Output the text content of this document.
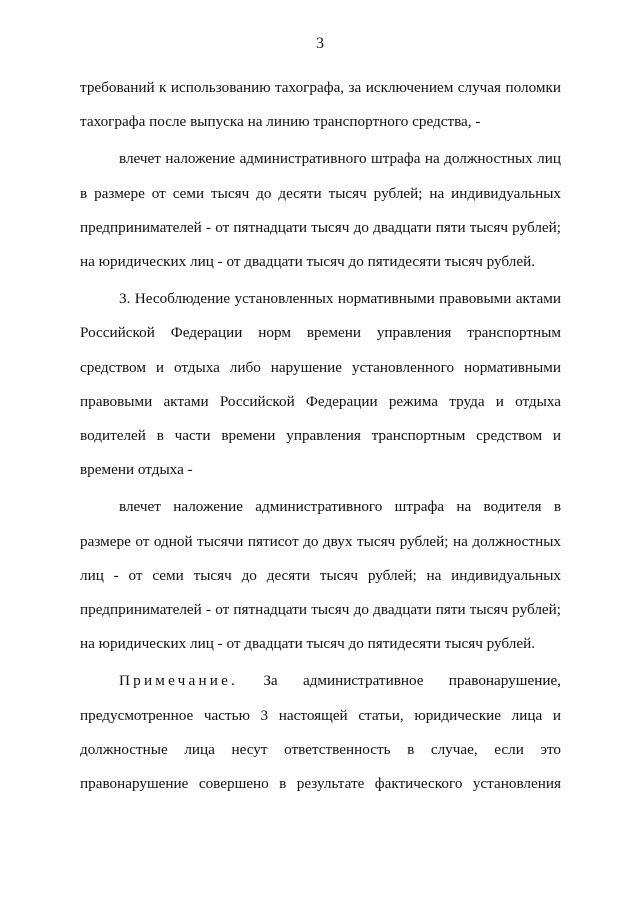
3

требований к использованию тахографа, за исключением случая поломки тахографа после выпуска на линию транспортного средства, -

влечет наложение административного штрафа на должностных лиц в размере от семи тысяч до десяти тысяч рублей; на индивидуальных предпринимателей - от пятнадцати тысяч до двадцати пяти тысяч рублей; на юридических лиц - от двадцати тысяч до пятидесяти тысяч рублей.

3. Несоблюдение установленных нормативными правовыми актами Российской Федерации норм времени управления транспортным средством и отдыха либо нарушение установленного нормативными правовыми актами Российской Федерации режима труда и отдыха водителей в части времени управления транспортным средством и времени отдыха -

влечет наложение административного штрафа на водителя в размере от одной тысячи пятисот до двух тысяч рублей; на должностных лиц - от семи тысяч до десяти тысяч рублей; на индивидуальных предпринимателей - от пятнадцати тысяч до двадцати пяти тысяч рублей; на юридических лиц - от двадцати тысяч до пятидесяти тысяч рублей.

Примечание. За административное правонарушение, предусмотренное частью 3 настоящей статьи, юридические лица и должностные лица несут ответственность в случае, если это правонарушение совершено в результате фактического установления
